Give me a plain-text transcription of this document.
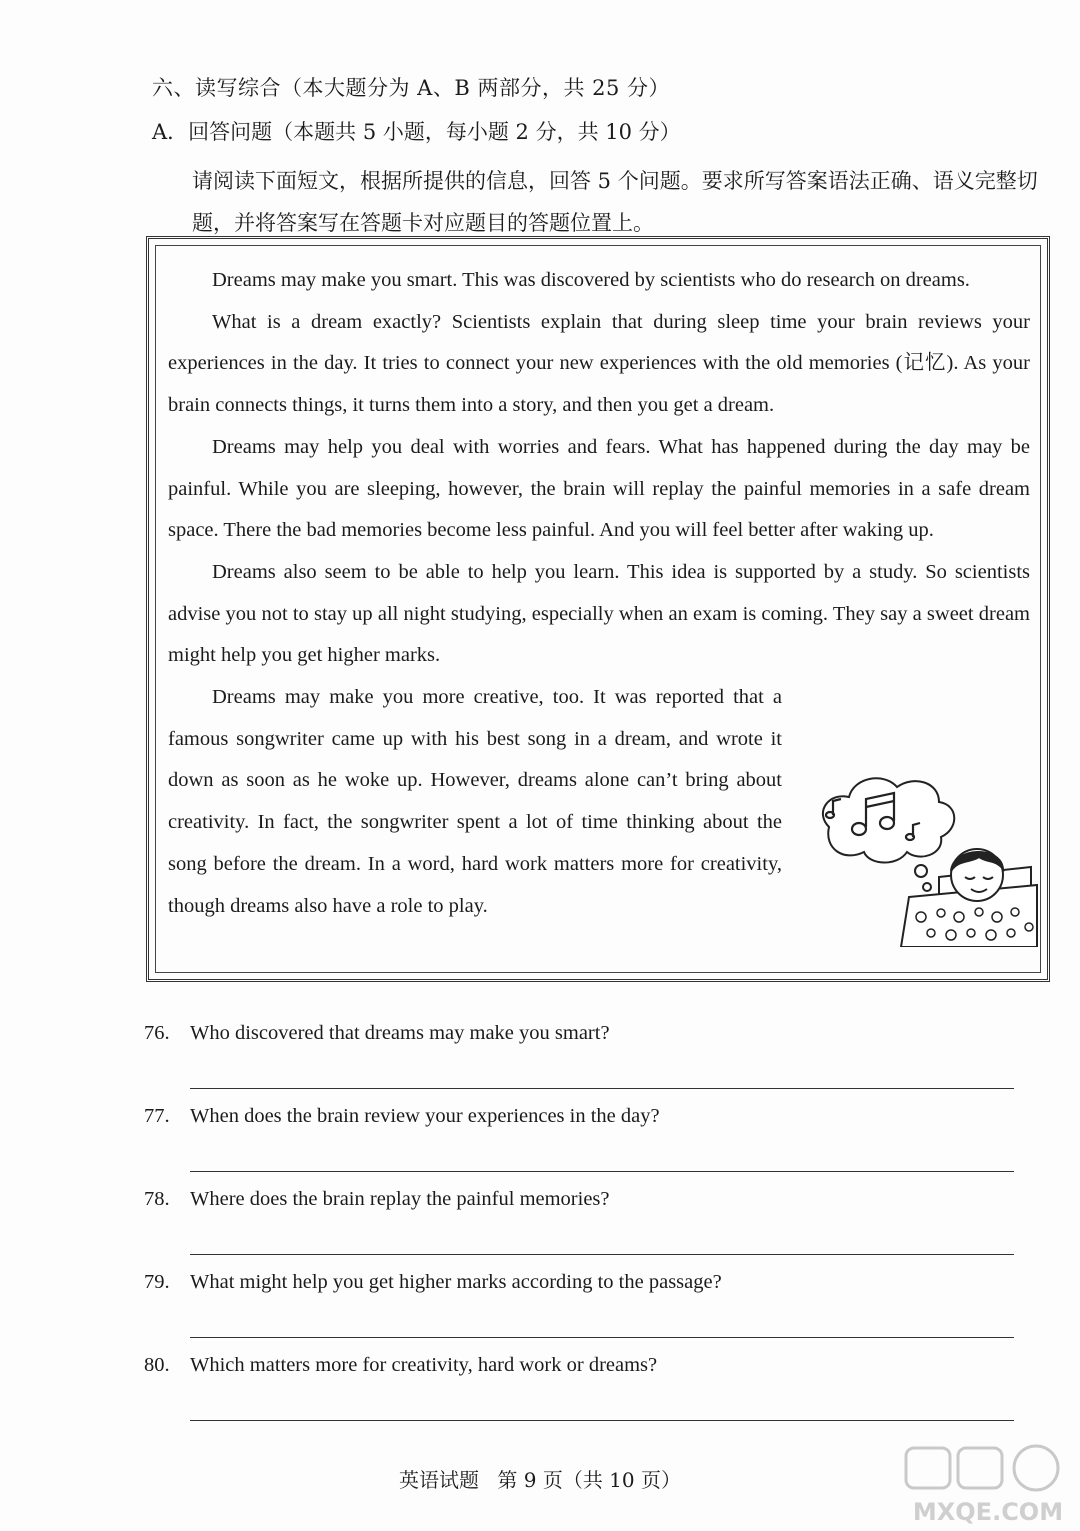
六、读写综合（本大题分为 A、B 两部分，共 25 分）
A．回答问题（本题共 5 小题，每小题 2 分，共 10 分）
请阅读下面短文，根据所提供的信息，回答 5 个问题。要求所写答案语法正确、语义完整切题，并将答案写在答题卡对应题目的答题位置上。

Dreams may make you smart. This was discovered by scientists who do research on dreams.

What is a dream exactly? Scientists explain that during sleep time your brain reviews your experiences in the day. It tries to connect your new experiences with the old memories (记忆). As your brain connects things, it turns them into a story, and then you get a dream.

Dreams may help you deal with worries and fears. What has happened during the day may be painful. While you are sleeping, however, the brain will replay the painful memories in a safe dream space. There the bad memories become less painful. And you will feel better after waking up.

Dreams also seem to be able to help you learn. This idea is supported by a study. So scientists advise you not to stay up all night studying, especially when an exam is coming. They say a sweet dream might help you get higher marks.

Dreams may make you more creative, too. It was reported that a famous songwriter came up with his best song in a dream, and wrote it down as soon as he woke up. However, dreams alone can’t bring about creativity. In fact, the songwriter spent a lot of time thinking about the song before the dream. In a word, hard work matters more for creativity, though dreams also have a role to play.

76. Who discovered that dreams may make you smart?
77. When does the brain review your experiences in the day?
78. Where does the brain replay the painful memories?
79. What might help you get higher marks according to the passage?
80. Which matters more for creativity, hard work or dreams?
英语试题 第 9 页（共 10 页）
MXQE.COM
